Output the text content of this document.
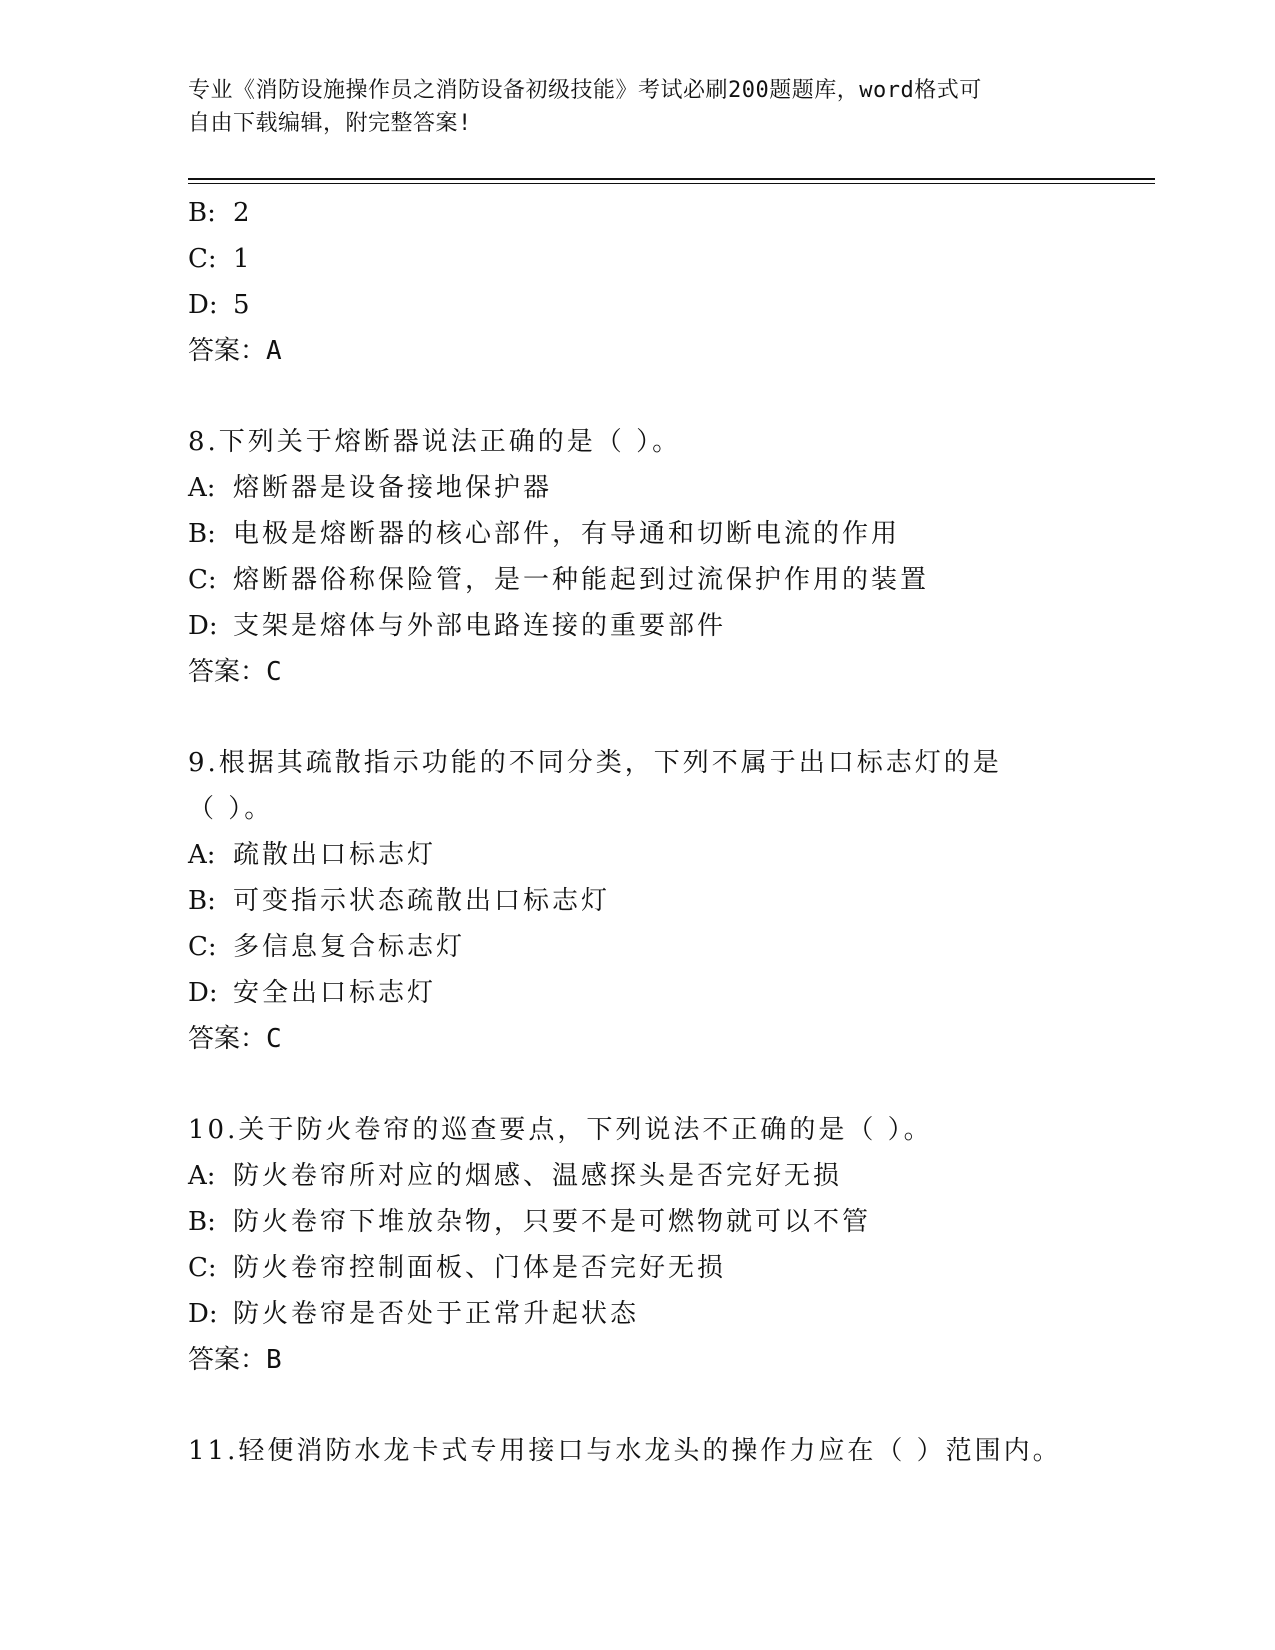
专业《消防设施操作员之消防设备初级技能》考试必刷200题题库，word格式可
自由下载编辑，附完整答案!
B: 2
C: 1
D: 5
答案：A
8.下列关于熔断器说法正确的是（ ）。
A: 熔断器是设备接地保护器
B: 电极是熔断器的核心部件，有导通和切断电流的作用
C: 熔断器俗称保险管，是一种能起到过流保护作用的装置
D: 支架是熔体与外部电路连接的重要部件
答案：C
9.根据其疏散指示功能的不同分类，下列不属于出口标志灯的是（ ）。
A: 疏散出口标志灯
B: 可变指示状态疏散出口标志灯
C: 多信息复合标志灯
D: 安全出口标志灯
答案：C
10.关于防火卷帘的巡查要点，下列说法不正确的是（ ）。
A: 防火卷帘所对应的烟感、温感探头是否完好无损
B: 防火卷帘下堆放杂物，只要不是可燃物就可以不管
C: 防火卷帘控制面板、门体是否完好无损
D: 防火卷帘是否处于正常升起状态
答案：B
11.轻便消防水龙卡式专用接口与水龙头的操作力应在（ ）范围内。
